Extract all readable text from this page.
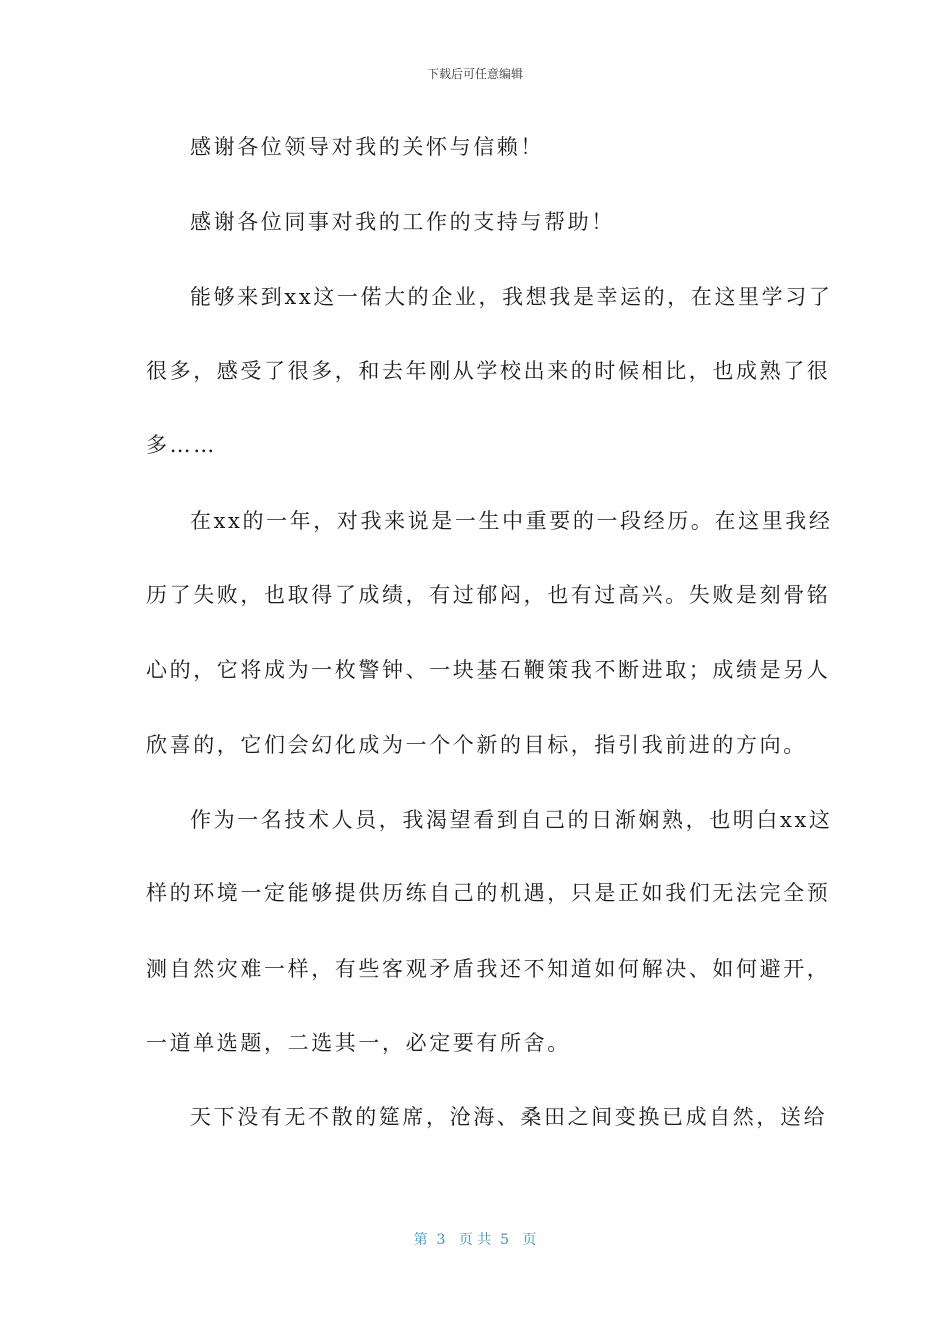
下载后可任意编辑
感谢各位领导对我的关怀与信赖！
感谢各位同事对我的工作的支持与帮助！
能够来到xx这一偌大的企业，我想我是幸运的，在这里学习了
很多，感受了很多，和去年刚从学校出来的时候相比，也成熟了很
多……
在xx的一年，对我来说是一生中重要的一段经历。在这里我经
历了失败，也取得了成绩，有过郁闷，也有过高兴。失败是刻骨铭
心的，它将成为一枚警钟、一块基石鞭策我不断进取；成绩是另人
欣喜的，它们会幻化成为一个个新的目标，指引我前进的方向。
作为一名技术人员，我渴望看到自己的日渐娴熟，也明白xx这
样的环境一定能够提供历练自己的机遇，只是正如我们无法完全预
测自然灾难一样，有些客观矛盾我还不知道如何解决、如何避开，
一道单选题，二选其一，必定要有所舍。
天下没有无不散的筵席，沧海、桑田之间变换已成自然，送给
第  3   页 共  5   页
